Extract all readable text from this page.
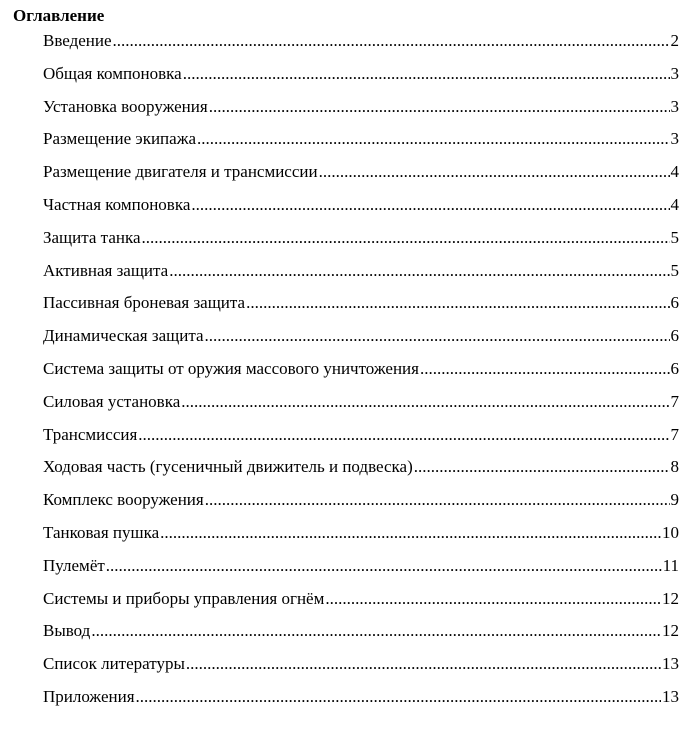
Оглавление
Введение .....	2
Общая компоновка .....	3
Установка вооружения .....	3
Размещение экипажа .....	3
Размещение двигателя и трансмиссии .....	4
Частная компоновка .....	4
Защита танка .....	5
Активная защита .....	5
Пассивная броневая защита .....	6
Динамическая защита .....	6
Система защиты от оружия массового уничтожения .....	6
Силовая установка .....	7
Трансмиссия .....	7
Ходовая часть (гусеничный движитель и подвеска) .....	8
Комплекс вооружения .....	9
Танковая пушка .....	10
Пулемёт .....	11
Системы и приборы управления огнём .....	12
Вывод .....	12
Список литературы .....	13
Приложения .....	13
